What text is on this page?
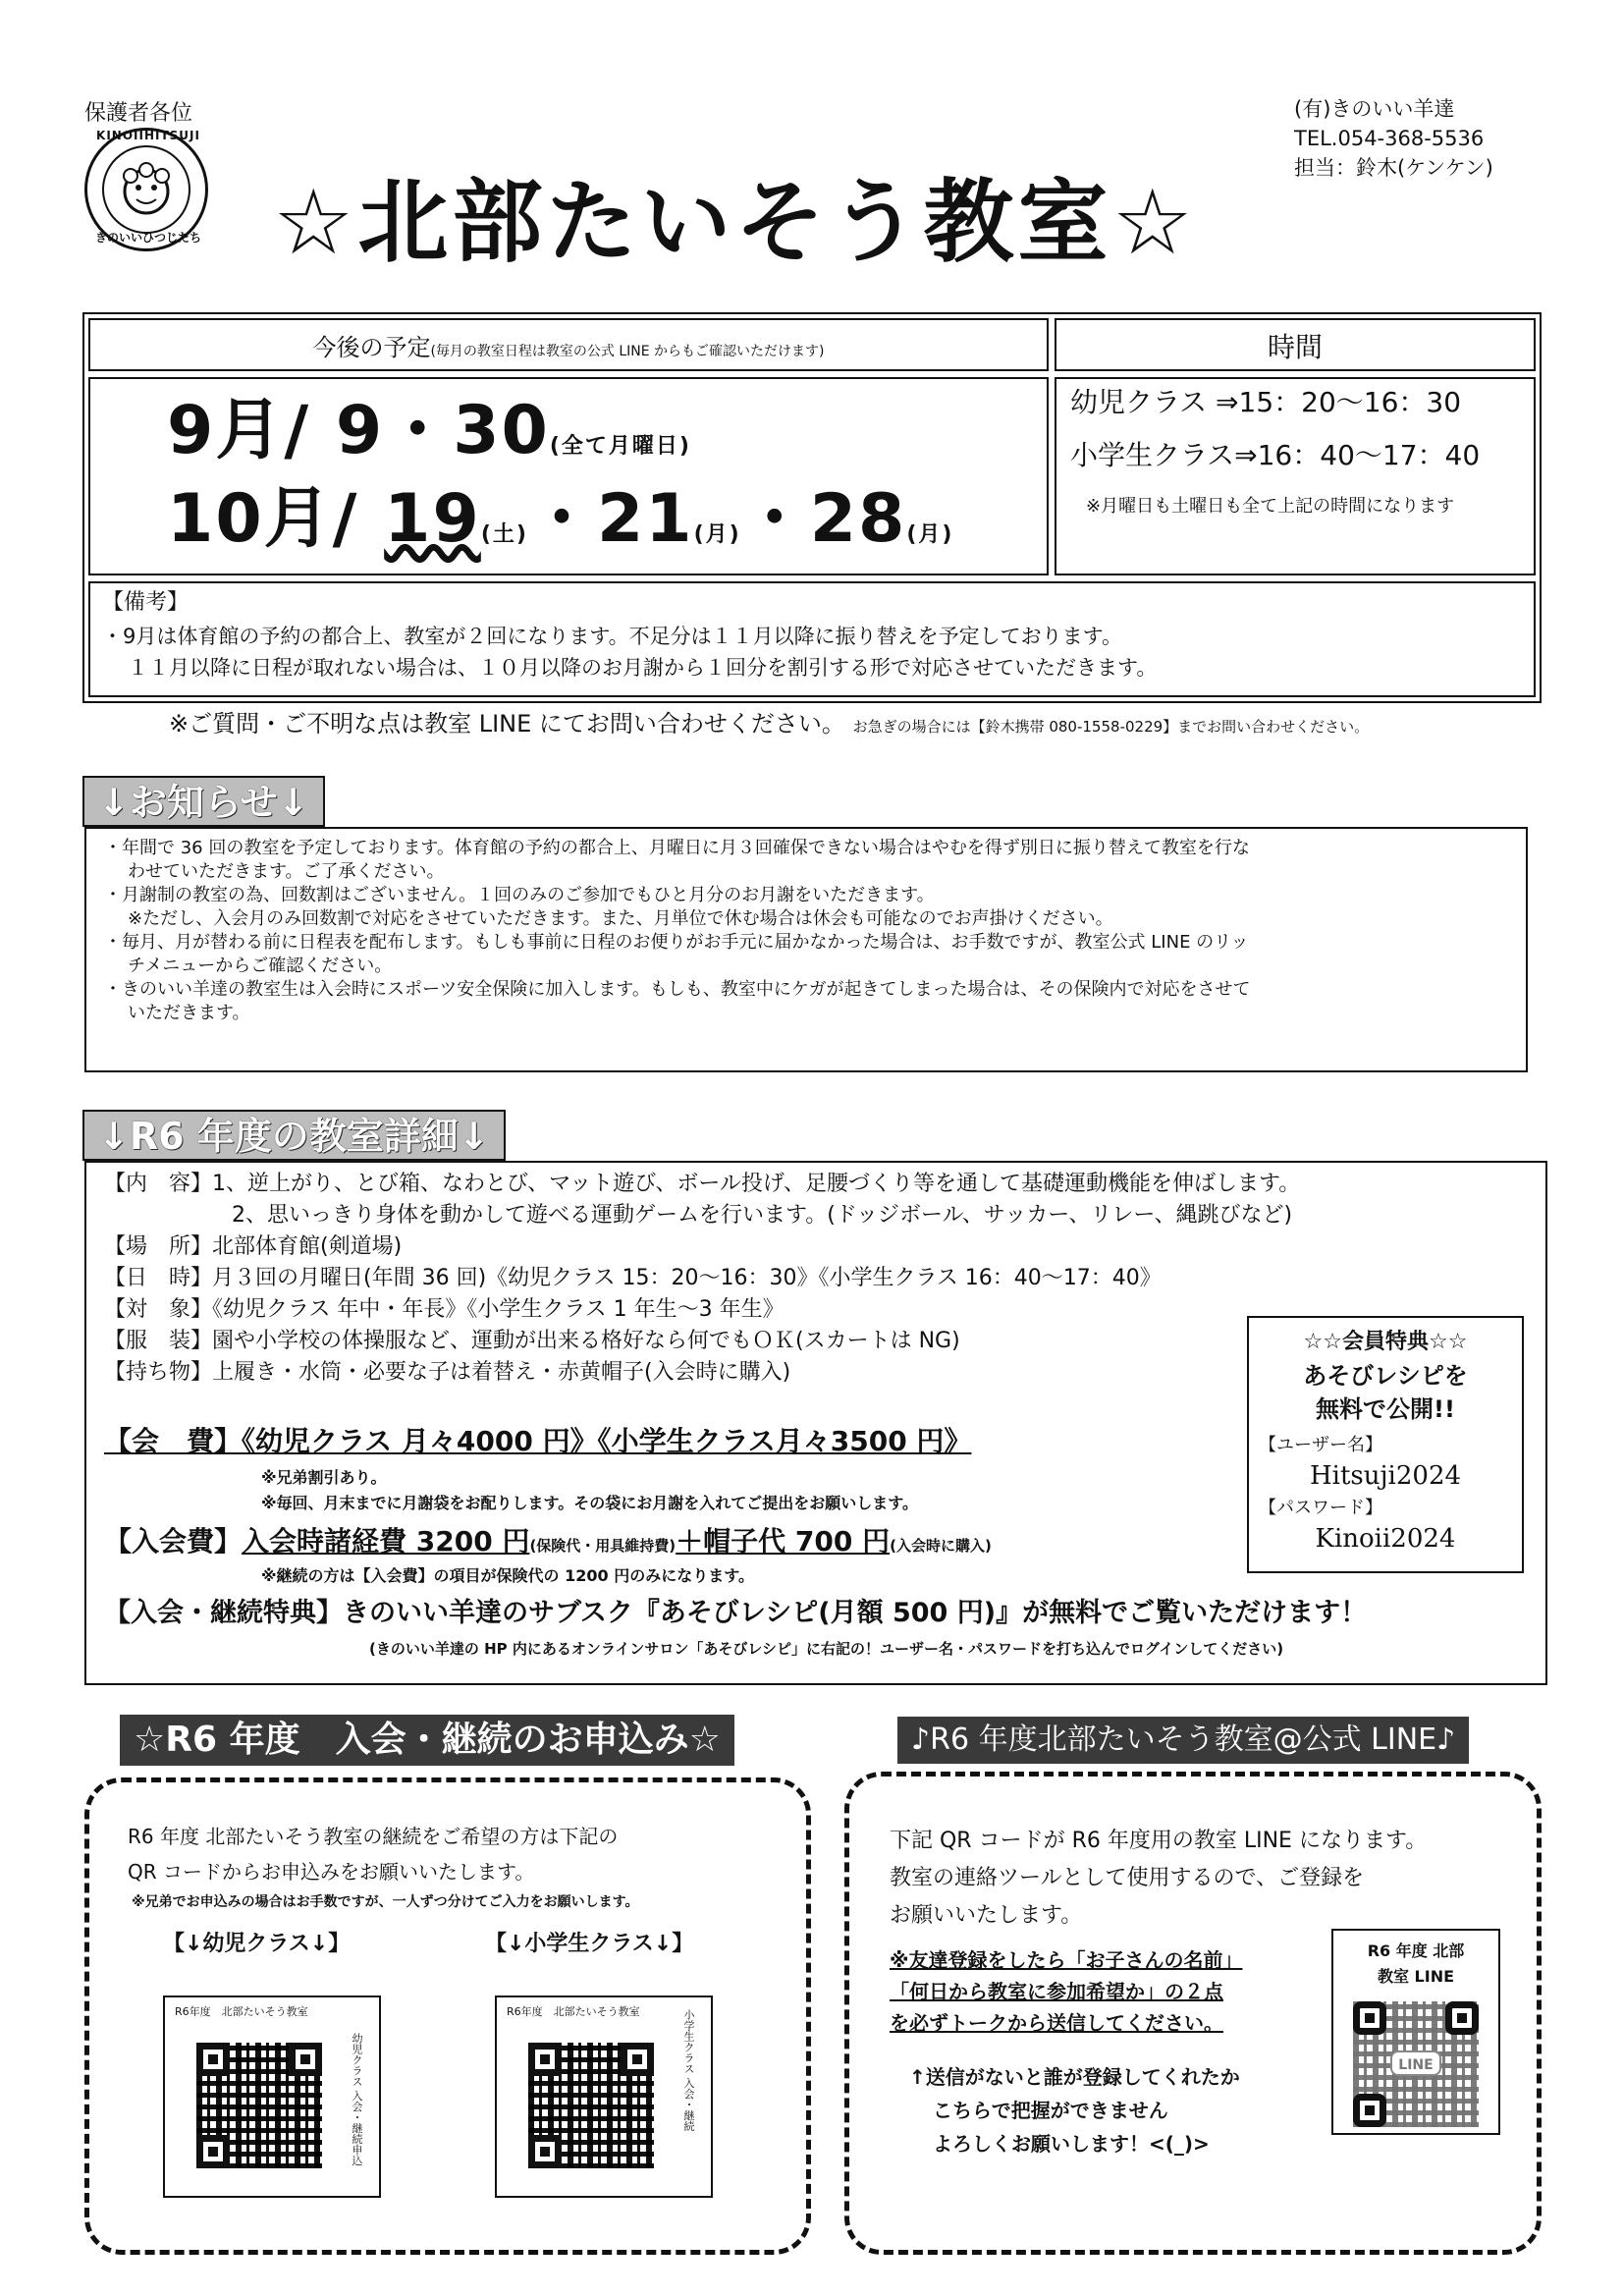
保護者各位
KINOIIHITSUJI
きのいいひつじたち
(有)きのいい羊達
TEL.054-368-5536
担当：鈴木(ケンケン)
☆北部たいそう教室☆
今後の予定(毎月の教室日程は教室の公式 LINE からもご確認いただけます)	時間
9月/ 9・30(全て月曜日)
10月/ 19(土)・21(月)・28(月)
幼児クラス ⇒15：20〜16：30
小学生クラス⇒16：40〜17：40
※月曜日も土曜日も全て上記の時間になります
【備考】
・9月は体育館の予約の都合上、教室が２回になります。不足分は１１月以降に振り替えを予定しております。
１１月以降に日程が取れない場合は、１０月以降のお月謝から１回分を割引する形で対応させていただきます。
※ご質問・ご不明な点は教室 LINE にてお問い合わせください。 お急ぎの場合には【鈴木携帯 080-1558-0229】までお問い合わせください。
↓お知らせ↓

・年間で 36 回の教室を予定しております。体育館の予約の都合上、月曜日に月３回確保できない場合はやむを得ず別日に振り替えて教室を行な

わせていただきます。ご了承ください。

・月謝制の教室の為、回数割はございません。１回のみのご参加でもひと月分のお月謝をいただきます。

※ただし、入会月のみ回数割で対応をさせていただきます。また、月単位で休む場合は休会も可能なのでお声掛けください。

・毎月、月が替わる前に日程表を配布します。もしも事前に日程のお便りがお手元に届かなかった場合は、お手数ですが、教室公式 LINE のリッ

チメニューからご確認ください。

・きのいい羊達の教室生は入会時にスポーツ安全保険に加入します。もしも、教室中にケガが起きてしまった場合は、その保険内で対応をさせて

いただきます。

↓R6 年度の教室詳細↓
【内　容】1、逆上がり、とび箱、なわとび、マット遊び、ボール投げ、足腰づくり等を通して基礎運動機能を伸ばします。
2、思いっきり身体を動かして遊べる運動ゲームを行います。(ドッジボール、サッカー、リレー、縄跳びなど)
【場　所】北部体育館(剣道場)
【日　時】月３回の月曜日(年間 36 回)《幼児クラス 15：20〜16：30》《小学生クラス 16：40〜17：40》
【対　象】《幼児クラス 年中・年長》《小学生クラス 1 年生〜3 年生》
【服　装】園や小学校の体操服など、運動が出来る格好なら何でもＯＫ(スカートは NG)
【持ち物】上履き・水筒・必要な子は着替え・赤黄帽子(入会時に購入)
【会　費】《幼児クラス 月々4000 円》《小学生クラス月々3500 円》
※兄弟割引あり。
※毎回、月末までに月謝袋をお配りします。その袋にお月謝を入れてご提出をお願いします。
【入会費】入会時諸経費 3200 円(保険代・用具維持費)＋帽子代 700 円(入会時に購入)
※継続の方は【入会費】の項目が保険代の 1200 円のみになります。
【入会・継続特典】きのいい羊達のサブスク『あそびレシピ(月額 500 円)』が無料でご覧いただけます！
(きのいい羊達の HP 内にあるオンラインサロン「あそびレシピ」に右記の！ユーザー名・パスワードを打ち込んでログインしてください)
☆☆会員特典☆☆
あそびレシピを
無料で公開!!
【ユーザー名】
Hitsuji2024
【パスワード】
Kinoii2024
☆R6 年度　入会・継続のお申込み☆
R6 年度 北部たいそう教室の継続をご希望の方は下記の
QR コードからお申込みをお願いいたします。
※兄弟でお申込みの場合はお手数ですが、一人ずつ分けてご入力をお願いします。
【↓幼児クラス↓】	【↓小学生クラス↓】
R6年度　北部たいそう教室
幼児クラス 入会・継続申込
R6年度　北部たいそう教室	小学生クラス 入会・継続
♪R6 年度北部たいそう教室@公式 LINE♪
下記 QR コードが R6 年度用の教室 LINE になります。
教室の連絡ツールとして使用するので、ご登録を
お願いいたします。
※友達登録をしたら「お子さんの名前」
「何日から教室に参加希望か」の２点
を必ずトークから送信してください。
↑送信がないと誰が登録してくれたか
こちらで把握ができません
よろしくお願いします！<(_)>
R6 年度 北部
教室 LINE
LINE
